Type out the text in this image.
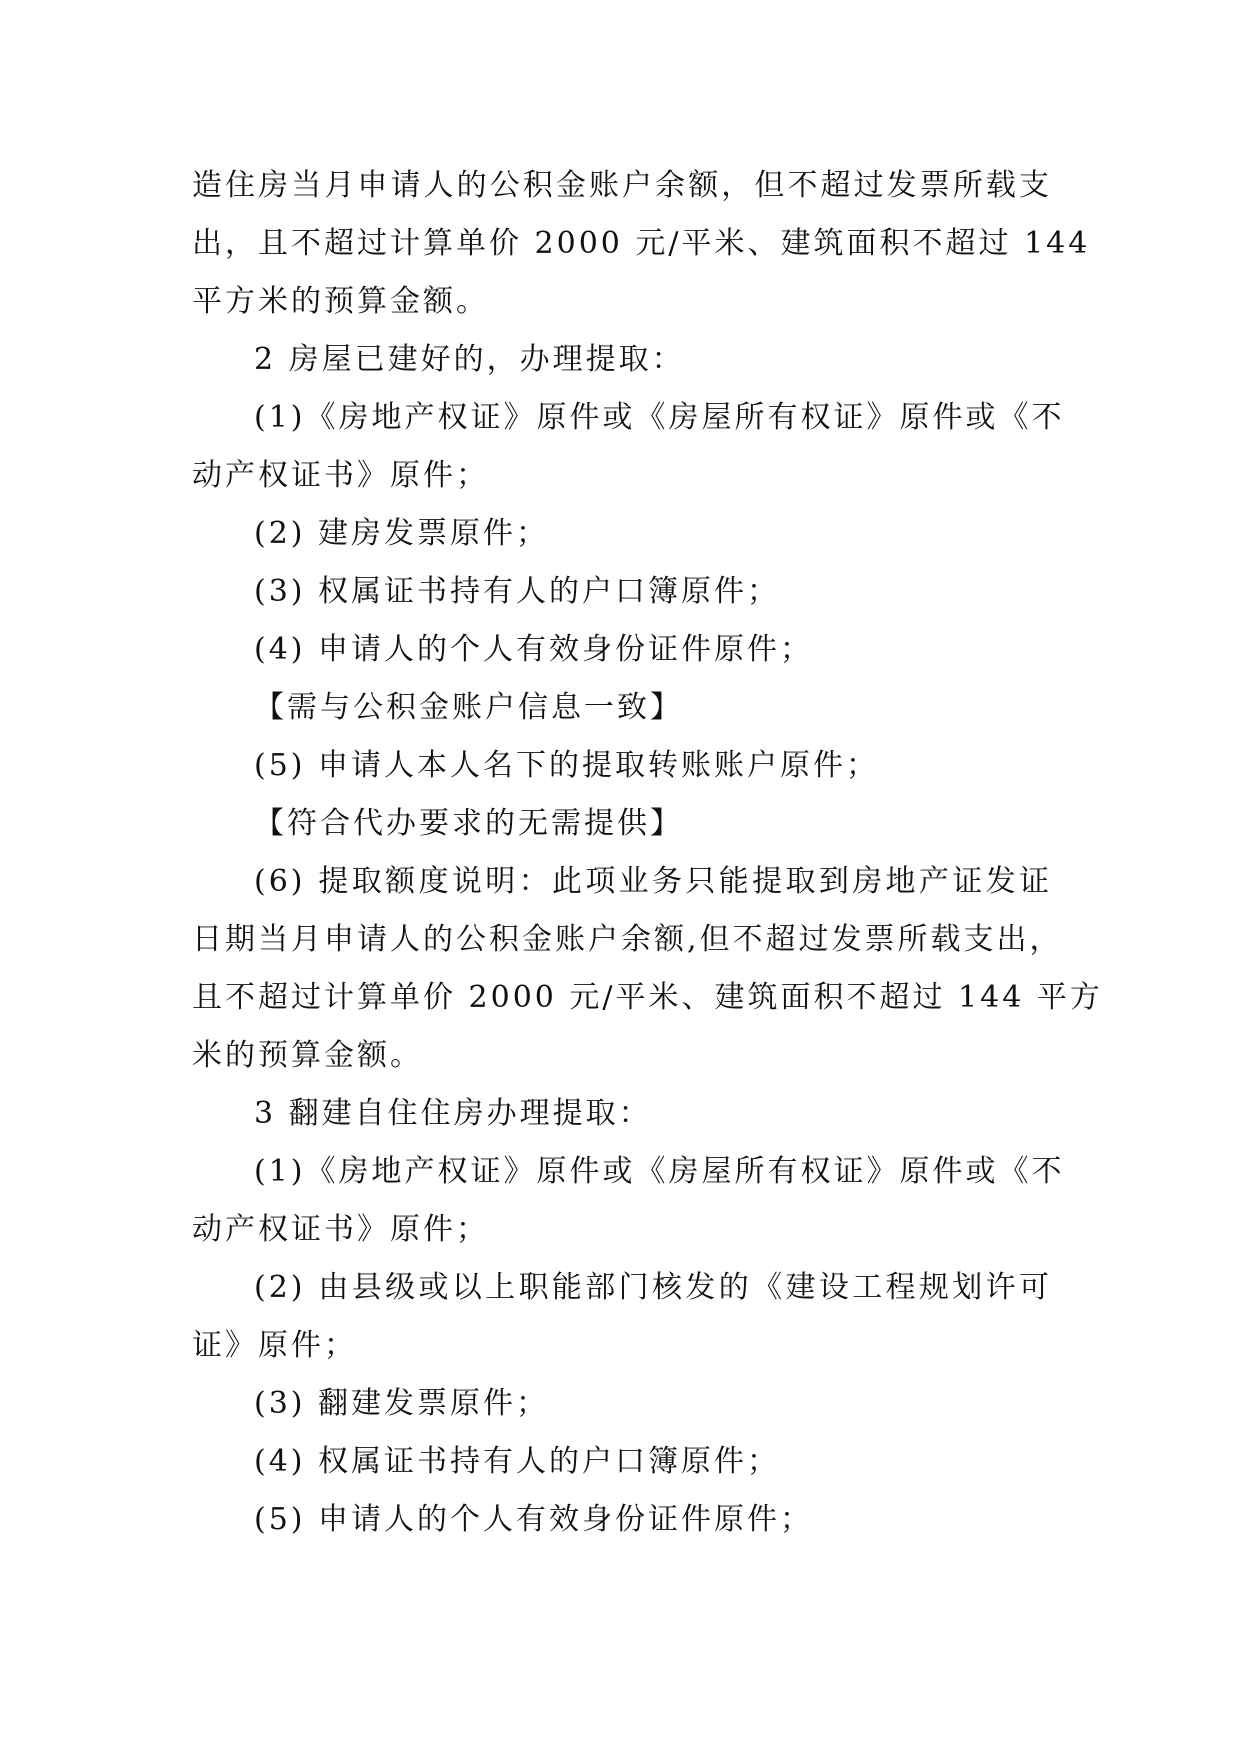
造住房当月申请人的公积金账户余额，但不超过发票所载支
出，且不超过计算单价 2000 元/平米、建筑面积不超过 144
平方米的预算金额。
2 房屋已建好的，办理提取：
(1)《房地产权证》原件或《房屋所有权证》原件或《不
动产权证书》原件；
(2) 建房发票原件；
(3) 权属证书持有人的户口簿原件；
(4) 申请人的个人有效身份证件原件；
【需与公积金账户信息一致】
(5) 申请人本人名下的提取转账账户原件；
【符合代办要求的无需提供】
(6) 提取额度说明：此项业务只能提取到房地产证发证
日期当月申请人的公积金账户余额,但不超过发票所载支出，
且不超过计算单价 2000 元/平米、建筑面积不超过 144 平方
米的预算金额。
3 翻建自住住房办理提取：
(1)《房地产权证》原件或《房屋所有权证》原件或《不
动产权证书》原件；
(2) 由县级或以上职能部门核发的《建设工程规划许可
证》原件；
(3) 翻建发票原件；
(4) 权属证书持有人的户口簿原件；
(5) 申请人的个人有效身份证件原件；
